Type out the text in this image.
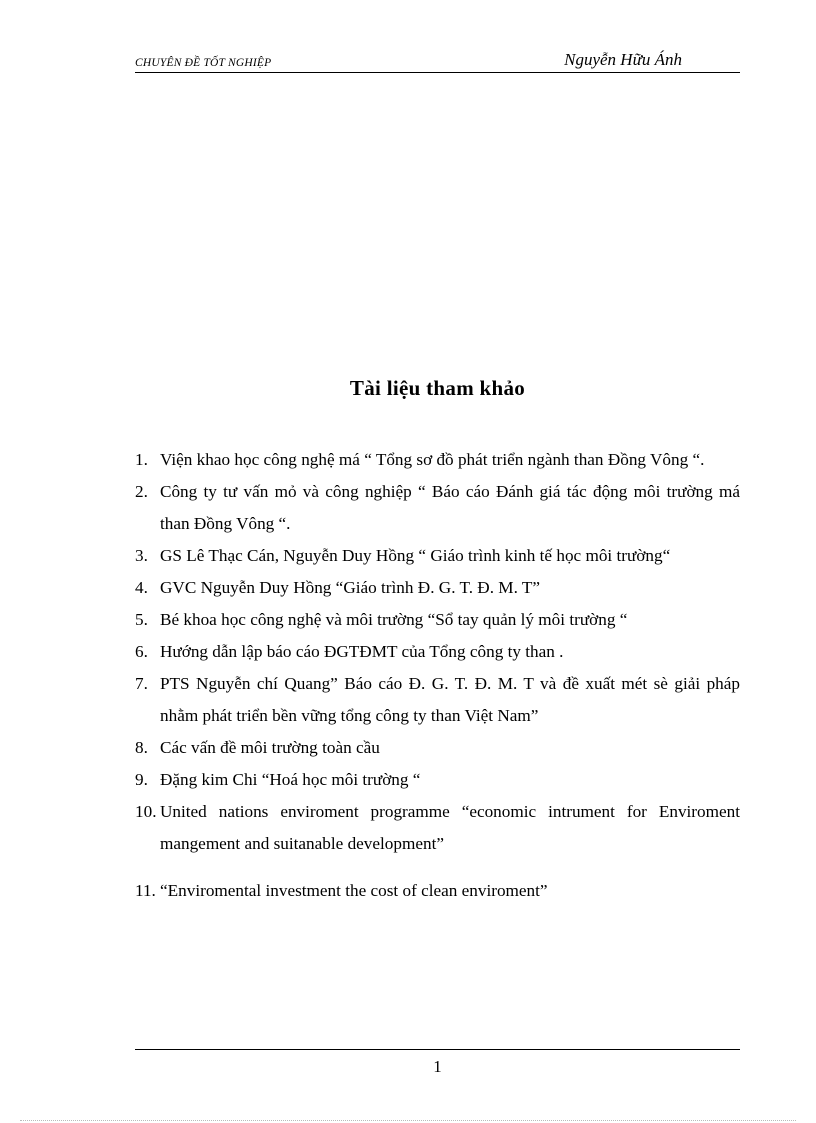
CHUYÊN ĐỀ TỐT NGHIỆP	Nguyễn Hữu Ánh
Tài liệu tham khảo
1. Viện khao học công nghệ má “ Tổng sơ đồ phát triển ngành than Đồng Vông “.
2. Công ty tư vấn mỏ và công nghiệp “ Báo cáo Đánh giá tác động môi trường má than Đồng Vông “.
3. GS Lê Thạc Cán, Nguyễn Duy Hồng “ Giáo trình kinh tế học môi trường“
4. GVC Nguyễn Duy Hồng “Giáo trình Đ. G. T. Đ. M. T”
5. Bé khoa học công nghệ và môi trường “Sổ tay quản lý môi trường “
6. Hướng dẫn lập báo cáo ĐGTĐMT của Tổng công ty than .
7. PTS Nguyễn chí Quang” Báo cáo Đ. G. T. Đ. M. T và đề xuất mét sè giải pháp nhằm phát triển bền vững tổng công ty than Việt Nam”
8. Các vấn đề môi trường toàn cầu
9. Đặng kim Chi “Hoá học môi trường “
10. United nations enviroment programme “economic intrument for Enviroment mangement and suitanable development”
11. “Enviromental investment the cost of clean enviroment”
1
